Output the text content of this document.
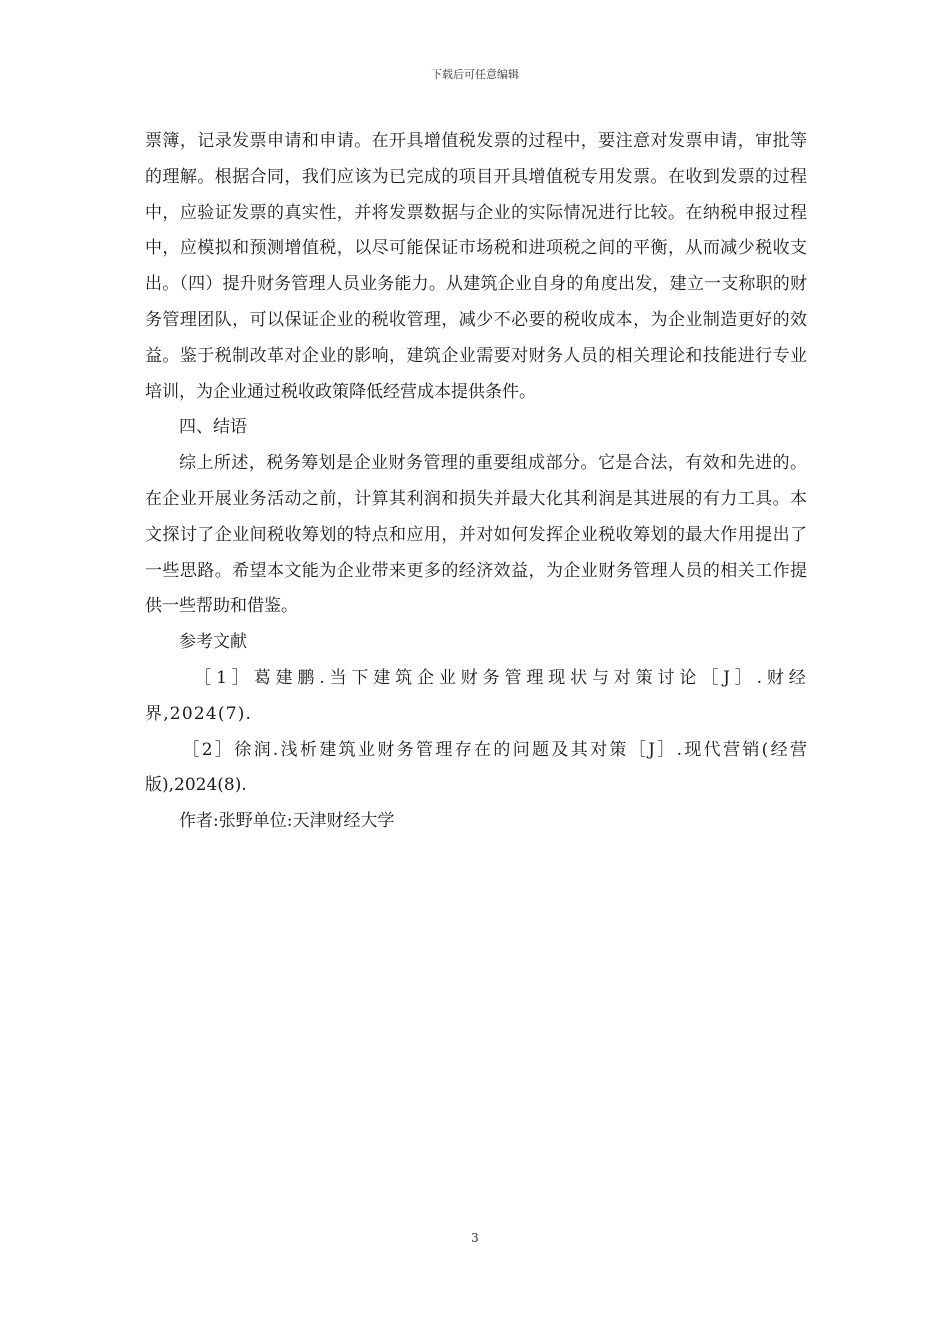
下载后可任意编辑

票簿，记录发票申请和申请。在开具增值税发票的过程中，要注意对发票申请，审批等的理解。根据合同，我们应该为已完成的项目开具增值税专用发票。在收到发票的过程中，应验证发票的真实性，并将发票数据与企业的实际情况进行比较。在纳税申报过程中，应模拟和预测增值税，以尽可能保证市场税和进项税之间的平衡，从而减少税收支出。（四）提升财务管理人员业务能力。从建筑企业自身的角度出发，建立一支称职的财务管理团队，可以保证企业的税收管理，减少不必要的税收成本，为企业制造更好的效益。鉴于税制改革对企业的影响，建筑企业需要对财务人员的相关理论和技能进行专业培训，为企业通过税收政策降低经营成本提供条件。

四、结语

综上所述，税务筹划是企业财务管理的重要组成部分。它是合法，有效和先进的。在企业开展业务活动之前，计算其利润和损失并最大化其利润是其进展的有力工具。本文探讨了企业间税收筹划的特点和应用，并对如何发挥企业税收筹划的最大作用提出了一些思路。希望本文能为企业带来更多的经济效益，为企业财务管理人员的相关工作提供一些帮助和借鉴。

参考文献

［1］葛建鹏.当下建筑企业财务管理现状与对策讨论［J］.财经界,2024(7).

［2］徐润.浅析建筑业财务管理存在的问题及其对策［J］.现代营销(经营版),2024(8).

作者:张野单位:天津财经大学

3
